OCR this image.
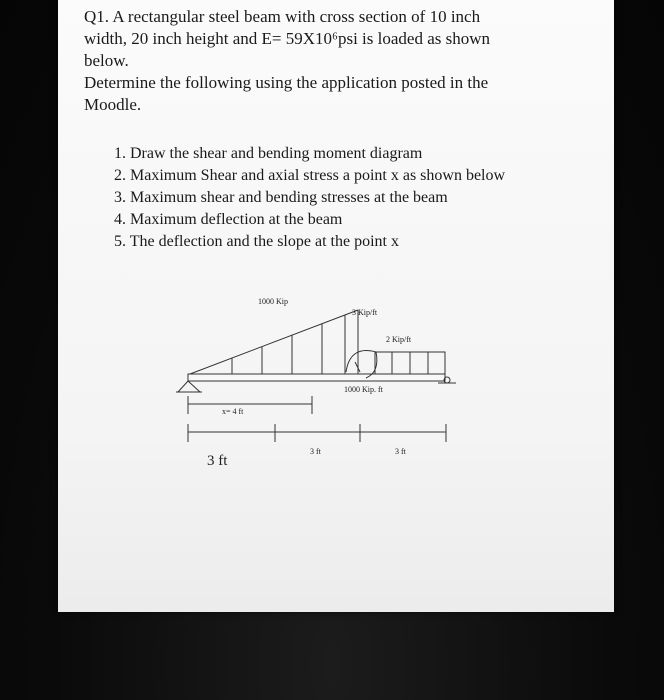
Q1. A rectangular steel beam with cross section of 10 inch

width, 20 inch height and E= 59X10⁶psi is loaded as shown

below.

Determine the following using the application posted in the

Moodle.

1. Draw the shear and bending moment diagram
2. Maximum Shear and axial stress a point x as shown below
3. Maximum shear and bending stresses at the beam
4. Maximum deflection at the beam
5. The deflection and the slope at the point x
1000 Kip
3 Kip/ft
2 Kip/ft
1000 Kip. ft
x= 4 ft
3 ft
3 ft	3 ft
